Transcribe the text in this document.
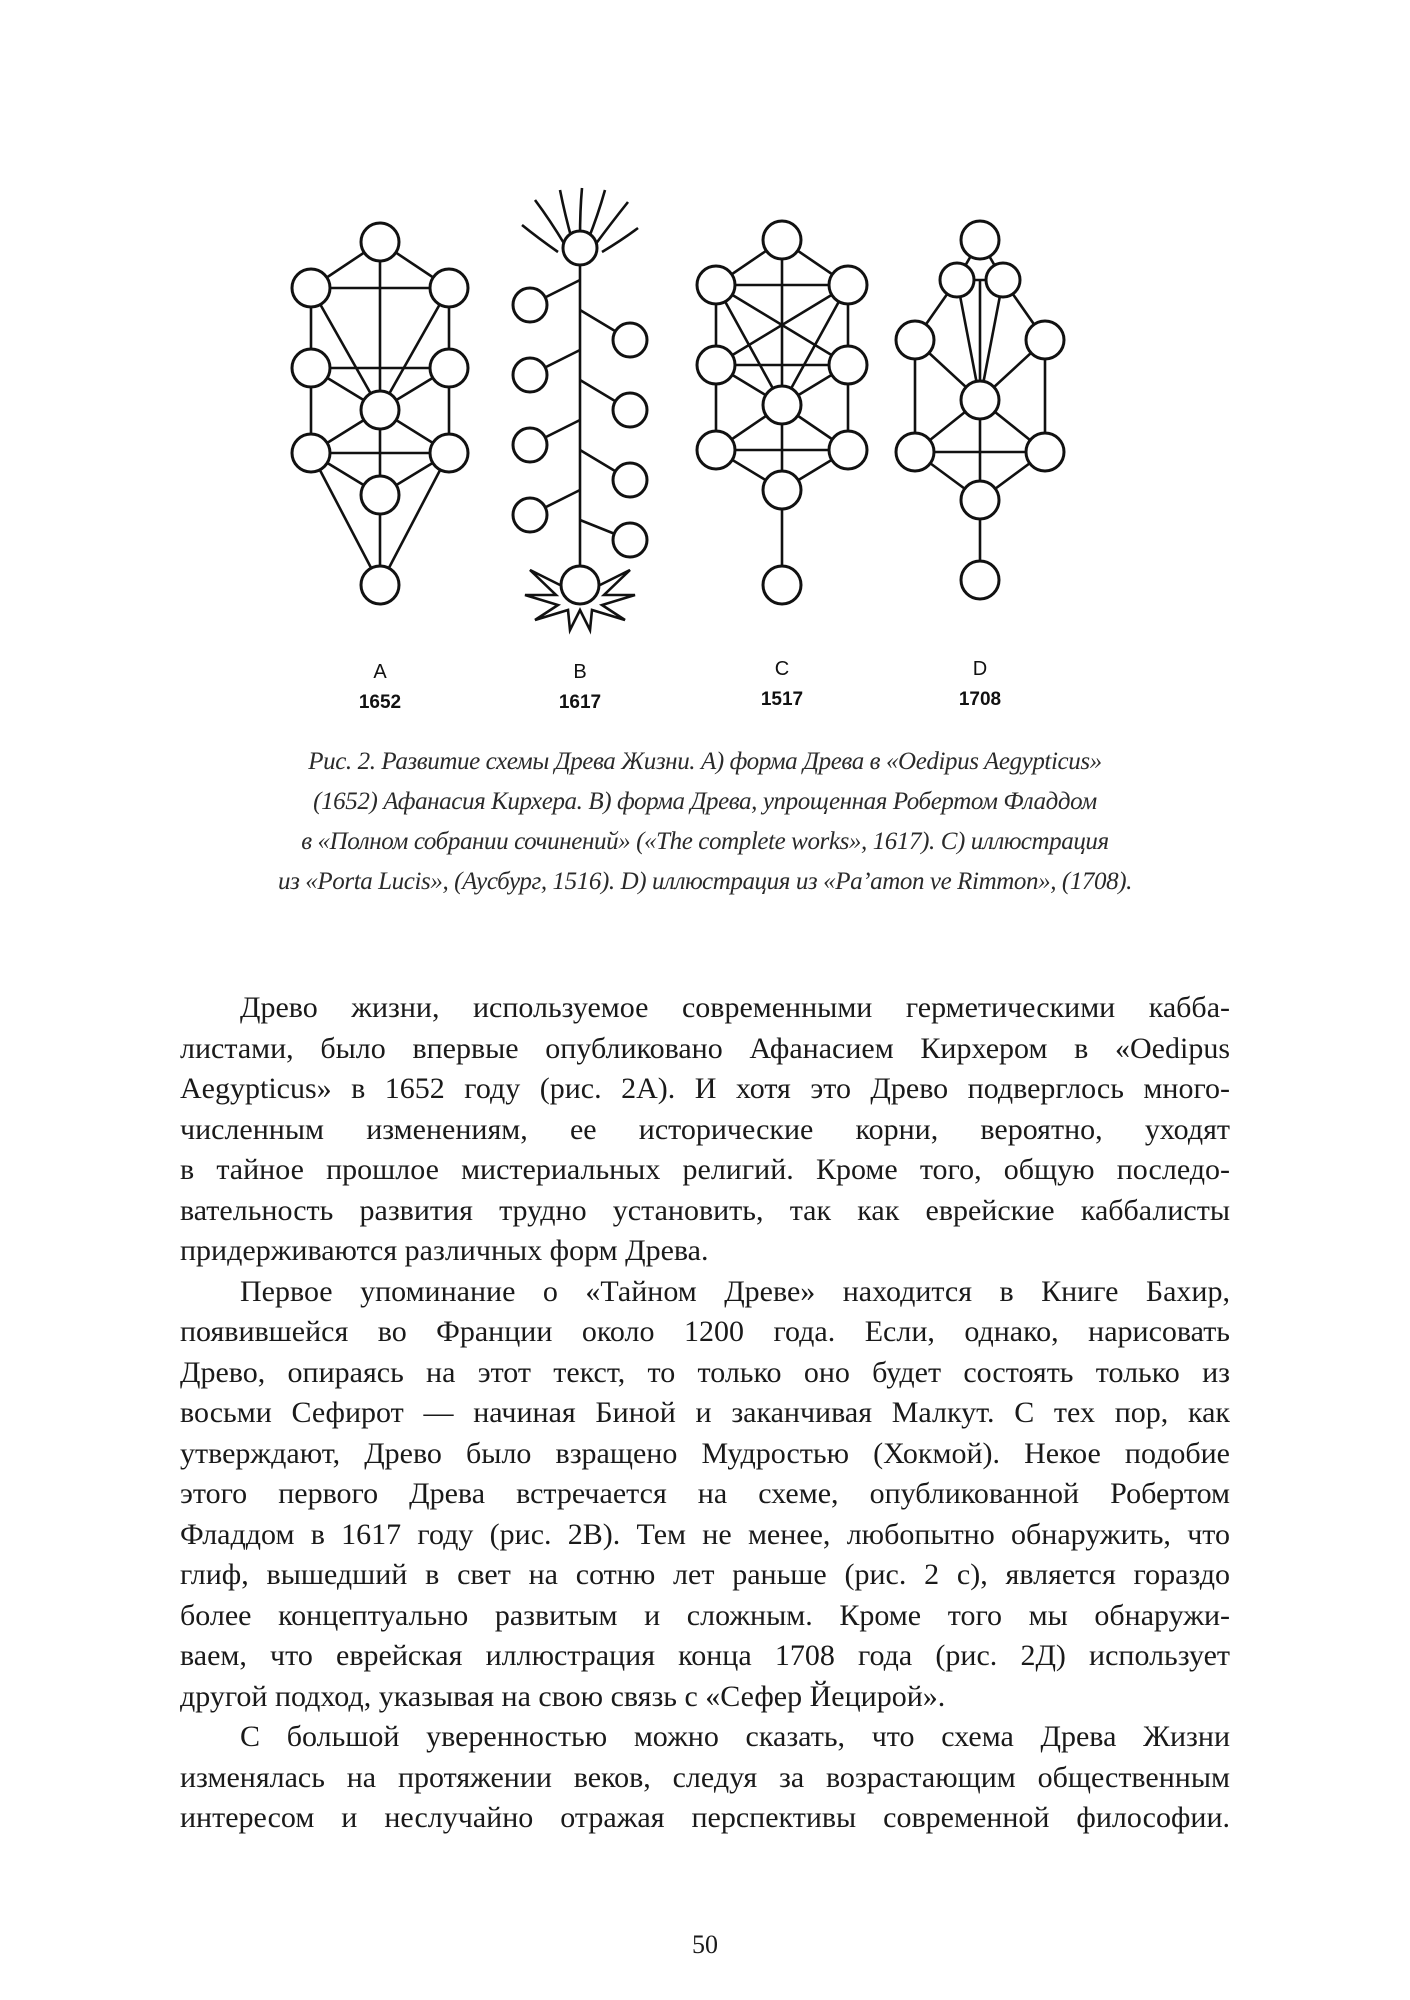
A
1652
B
1617
C
1517
D
1708
Рис. 2. Развитие схемы Древа Жизни. A) форма Древа в «Oedipus Aegypticus»
(1652) Афанасия Кирхера. B) форма Древа, упрощенная Робертом Фладдом
в «Полном собрании сочинений» («The complete works», 1617). C) иллюстрация
из «Porta Lucis», (Аусбург, 1516). D) иллюстрация из «Pa’amon ve Rimmon», (1708).

Древо жизни, используемое современными герметическими кабба-

листами, было впервые опубликовано Афанасием Кирхером в «Oedipus

Aegypticus» в 1652 году (рис. 2А). И хотя это Древо подверглось много-

численным изменениям, ее исторические корни, вероятно, уходят

в тайное прошлое мистериальных религий. Кроме того, общую последо-

вательность развития трудно установить, так как еврейские каббалисты

придерживаются различных форм Древа.

Первое упоминание о «Тайном Древе» находится в Книге Бахир,

появившейся во Франции около 1200 года. Если, однако, нарисовать

Древо, опираясь на этот текст, то только оно будет состоять только из

восьми Сефирот — начиная Биной и заканчивая Малкут. С тех пор, как

утверждают, Древо было взращено Мудростью (Хокмой). Некое подобие

этого первого Древа встречается на схеме, опубликованной Робертом

Фладдом в 1617 году (рис. 2В). Тем не менее, любопытно обнаружить, что

глиф, вышедший в свет на сотню лет раньше (рис. 2 с), является гораздо

более концептуально развитым и сложным. Кроме того мы обнаружи-

ваем, что еврейская иллюстрация конца 1708 года (рис. 2Д) использует

другой подход, указывая на свою связь с «Сефер Йецирой».

С большой уверенностью можно сказать, что схема Древа Жизни

изменялась на протяжении веков, следуя за возрастающим общественным

интересом и неслучайно отражая перспективы современной философии.

50
